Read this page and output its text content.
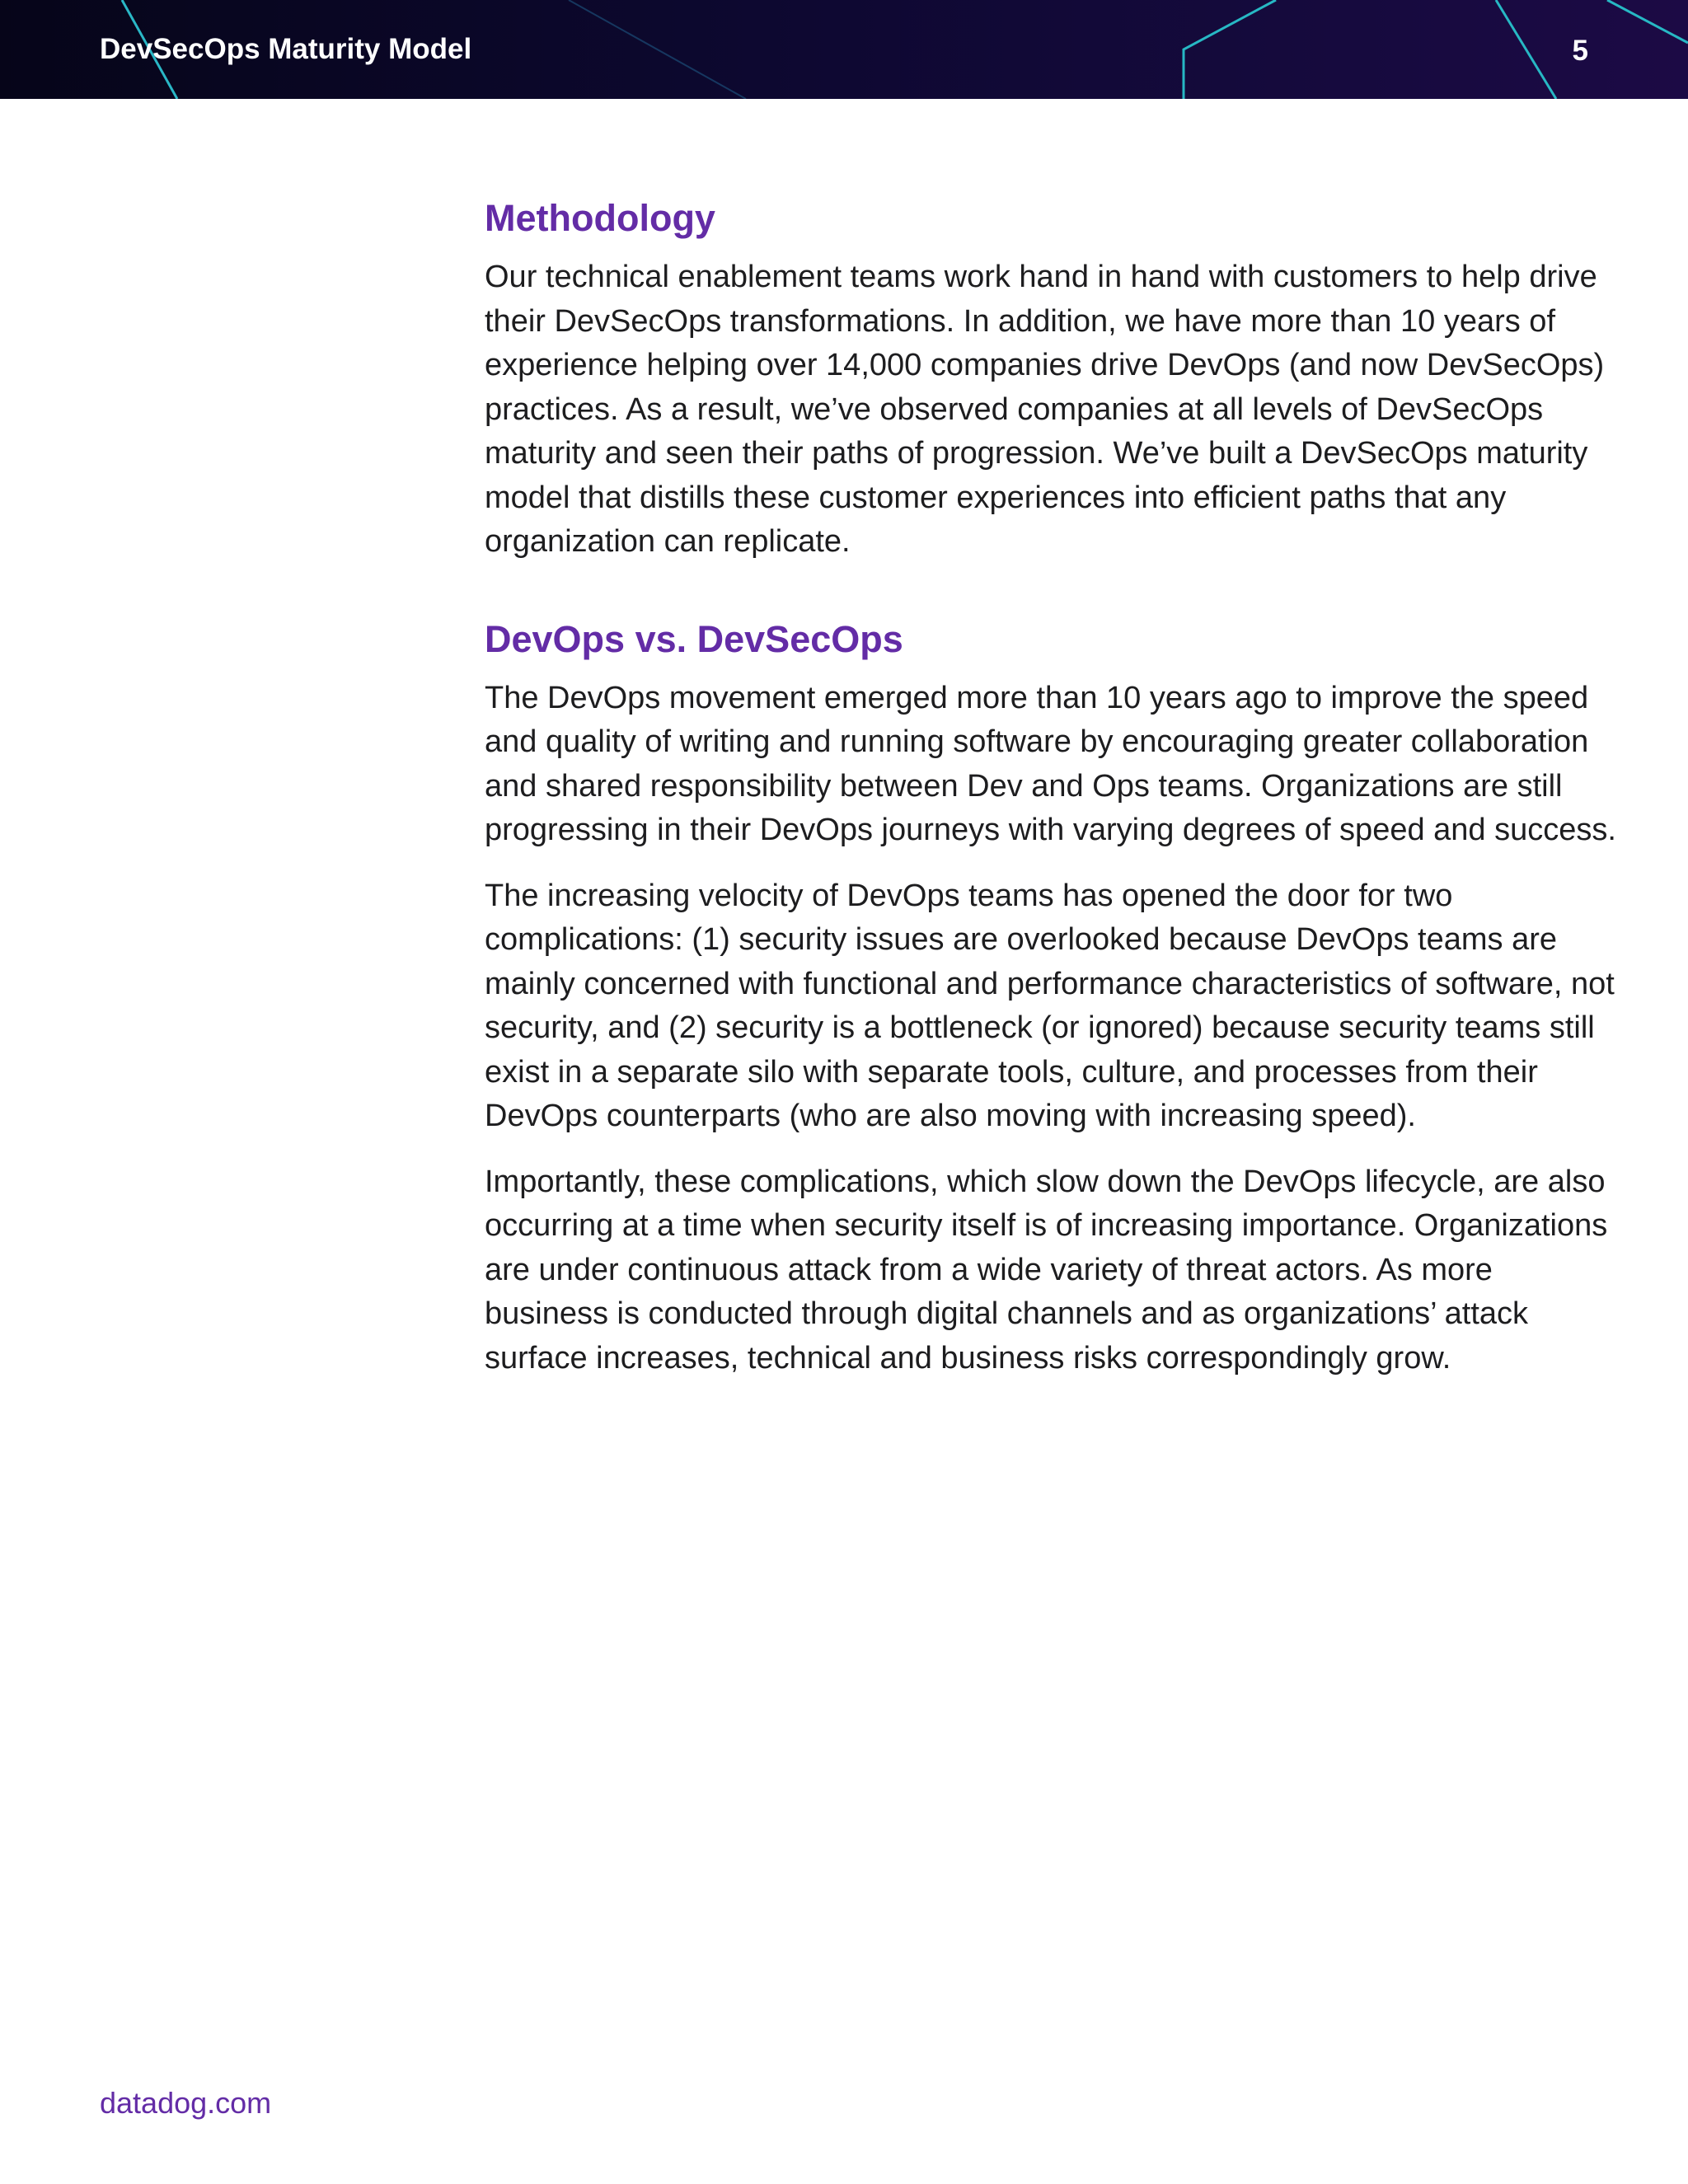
DevSecOps Maturity Model	5
Methodology

Our technical enablement teams work hand in hand with customers to help drive their DevSecOps transformations. In addition, we have more than 10 years of experience helping over 14,000 companies drive DevOps (and now DevSecOps) practices. As a result, we’ve observed companies at all levels of DevSecOps maturity and seen their paths of progression. We’ve built a DevSecOps maturity model that distills these customer experiences into efficient paths that any organization can replicate.

DevOps vs. DevSecOps

The DevOps movement emerged more than 10 years ago to improve the speed and quality of writing and running software by encouraging greater collaboration and shared responsibility between Dev and Ops teams. Organizations are still progressing in their DevOps journeys with varying degrees of speed and success.

The increasing velocity of DevOps teams has opened the door for two complications: (1) security issues are overlooked because DevOps teams are mainly concerned with functional and performance characteristics of software, not security, and (2) security is a bottleneck (or ignored) because security teams still exist in a separate silo with separate tools, culture, and processes from their DevOps counterparts (who are also moving with increasing speed).

Importantly, these complications, which slow down the DevOps lifecycle, are also occurring at a time when security itself is of increasing importance. Organizations are under continuous attack from a wide variety of threat actors. As more business is conducted through digital channels and as organizations’ attack surface increases, technical and business risks correspondingly grow.

datadog.com
